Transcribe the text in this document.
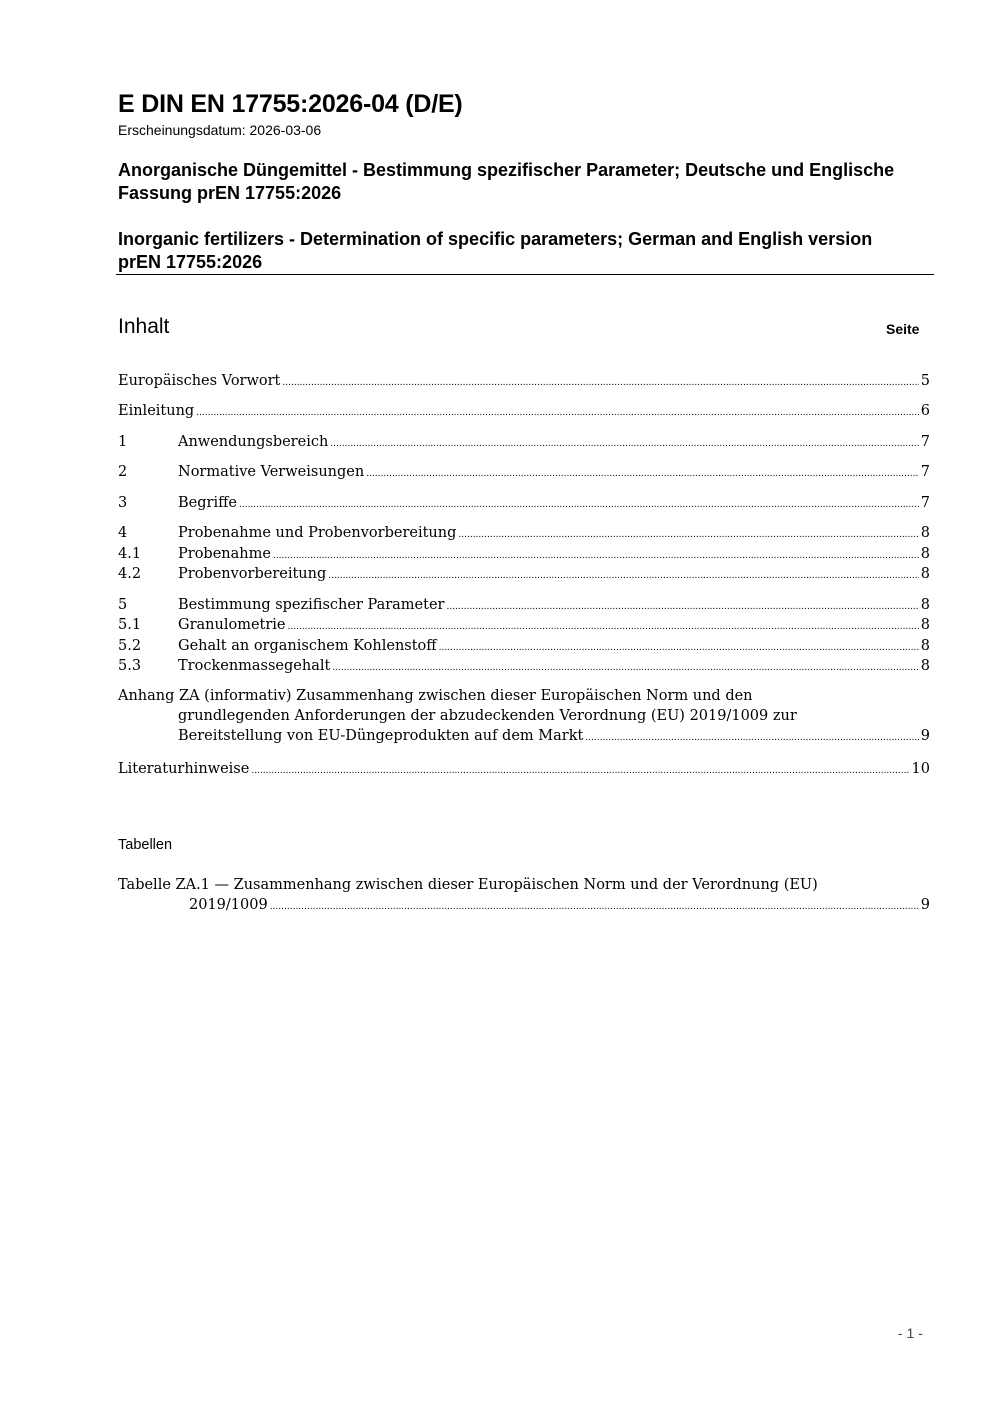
E DIN EN 17755:2026-04 (D/E)
Erscheinungsdatum: 2026-03-06
Anorganische Düngemittel - Bestimmung spezifischer Parameter; Deutsche und Englische Fassung prEN 17755:2026
Inorganic fertilizers - Determination of specific parameters; German and English version prEN 17755:2026
Inhalt	Seite
Europäisches Vorwort .....	5
Einleitung .....	6
1	Anwendungsbereich .....	7
2	Normative Verweisungen .....	7
3	Begriffe .....	7
4	Probenahme und Probenvorbereitung .....	8
4.1	Probenahme .....	8
4.2	Probenvorbereitung .....	8
5	Bestimmung spezifischer Parameter .....	8
5.1	Granulometrie .....	8
5.2	Gehalt an organischem Kohlenstoff .....	8
5.3	Trockenmassegehalt .....	8
Anhang ZA (informativ) Zusammenhang zwischen dieser Europäischen Norm und den
grundlegenden Anforderungen der abzudeckenden Verordnung (EU) 2019/1009 zur
Bereitstellung von EU-Düngeprodukten auf dem Markt .....	9
Literaturhinweise .....	10
Tabellen
Tabelle ZA.1 — Zusammenhang zwischen dieser Europäischen Norm und der Verordnung (EU)
2019/1009 .....	9
- 1 -
